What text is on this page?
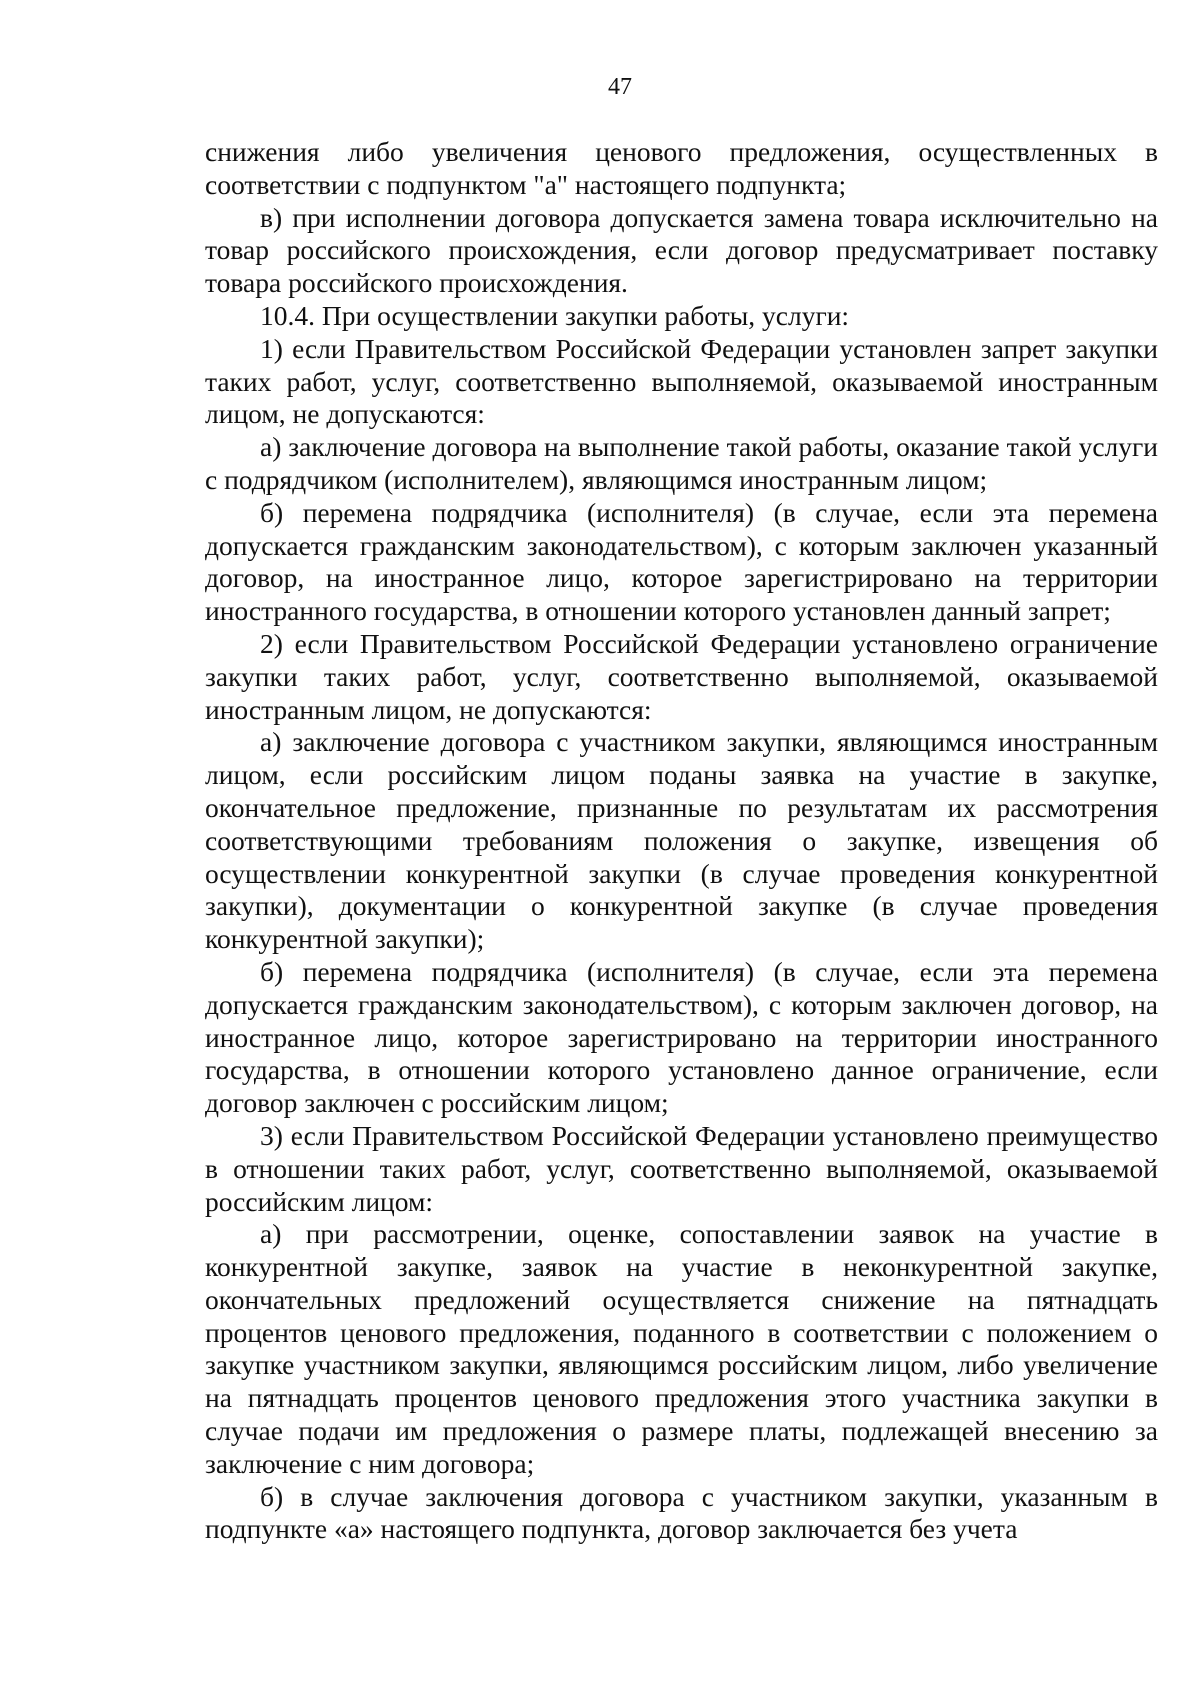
47

снижения либо увеличения ценового предложения, осуществленных в соответствии с подпунктом "а" настоящего подпункта;

в) при исполнении договора допускается замена товара исключительно на товар российского происхождения, если договор предусматривает поставку товара российского происхождения.

10.4. При осуществлении закупки работы, услуги:

1) если Правительством Российской Федерации установлен запрет закупки таких работ, услуг, соответственно выполняемой, оказываемой иностранным лицом, не допускаются:

а) заключение договора на выполнение такой работы, оказание такой услуги с подрядчиком (исполнителем), являющимся иностранным лицом;

б) перемена подрядчика (исполнителя) (в случае, если эта перемена допускается гражданским законодательством), с которым заключен указанный договор, на иностранное лицо, которое зарегистрировано на территории иностранного государства, в отношении которого установлен данный запрет;

2) если Правительством Российской Федерации установлено ограничение закупки таких работ, услуг, соответственно выполняемой, оказываемой иностранным лицом, не допускаются:

а) заключение договора с участником закупки, являющимся иностранным лицом, если российским лицом поданы заявка на участие в закупке, окончательное предложение, признанные по результатам их рассмотрения соответствующими требованиям положения о закупке, извещения об осуществлении конкурентной закупки (в случае проведения конкурентной закупки), документации о конкурентной закупке (в случае проведения конкурентной закупки);

б) перемена подрядчика (исполнителя) (в случае, если эта перемена допускается гражданским законодательством), с которым заключен договор, на иностранное лицо, которое зарегистрировано на территории иностранного государства, в отношении которого установлено данное ограничение, если договор заключен с российским лицом;

3) если Правительством Российской Федерации установлено преимущество в отношении таких работ, услуг, соответственно выполняемой, оказываемой российским лицом:

а) при рассмотрении, оценке, сопоставлении заявок на участие в конкурентной закупке, заявок на участие в неконкурентной закупке, окончательных предложений осуществляется снижение на пятнадцать процентов ценового предложения, поданного в соответствии с положением о закупке участником закупки, являющимся российским лицом, либо увеличение на пятнадцать процентов ценового предложения этого участника закупки в случае подачи им предложения о размере платы, подлежащей внесению за заключение с ним договора;

б) в случае заключения договора с участником закупки, указанным в подпункте «а» настоящего подпункта, договор заключается без учета
